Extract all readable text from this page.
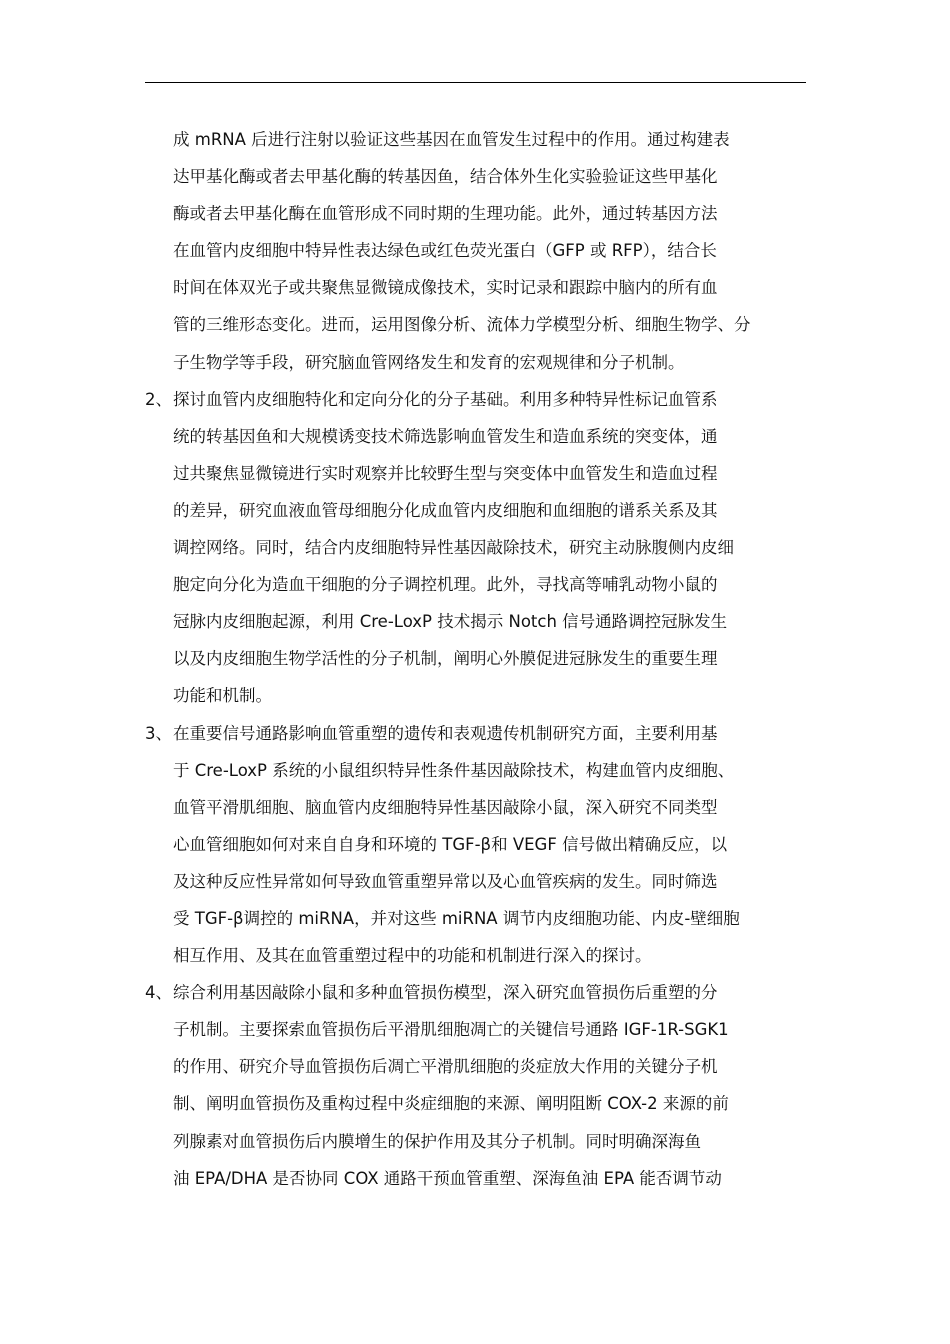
成 mRNA 后进行注射以验证这些基因在血管发生过程中的作用。通过构建表
达甲基化酶或者去甲基化酶的转基因鱼，结合体外生化实验验证这些甲基化
酶或者去甲基化酶在血管形成不同时期的生理功能。此外，通过转基因方法
在血管内皮细胞中特异性表达绿色或红色荧光蛋白（GFP 或 RFP），结合长
时间在体双光子或共聚焦显微镜成像技术，实时记录和跟踪中脑内的所有血
管的三维形态变化。进而，运用图像分析、流体力学模型分析、细胞生物学、分
子生物学等手段，研究脑血管网络发生和发育的宏观规律和分子机制。
2、探讨血管内皮细胞特化和定向分化的分子基础。利用多种特异性标记血管系
统的转基因鱼和大规模诱变技术筛选影响血管发生和造血系统的突变体，通
过共聚焦显微镜进行实时观察并比较野生型与突变体中血管发生和造血过程
的差异，研究血液血管母细胞分化成血管内皮细胞和血细胞的谱系关系及其
调控网络。同时，结合内皮细胞特异性基因敲除技术，研究主动脉腹侧内皮细
胞定向分化为造血干细胞的分子调控机理。此外，寻找高等哺乳动物小鼠的
冠脉内皮细胞起源，利用 Cre-LoxP 技术揭示 Notch 信号通路调控冠脉发生
以及内皮细胞生物学活性的分子机制，阐明心外膜促进冠脉发生的重要生理
功能和机制。
3、在重要信号通路影响血管重塑的遗传和表观遗传机制研究方面，主要利用基
于 Cre-LoxP 系统的小鼠组织特异性条件基因敲除技术，构建血管内皮细胞、
血管平滑肌细胞、脑血管内皮细胞特异性基因敲除小鼠，深入研究不同类型
心血管细胞如何对来自自身和环境的 TGF-β和 VEGF 信号做出精确反应，以
及这种反应性异常如何导致血管重塑异常以及心血管疾病的发生。同时筛选
受 TGF-β调控的 miRNA，并对这些 miRNA 调节内皮细胞功能、内皮-壁细胞
相互作用、及其在血管重塑过程中的功能和机制进行深入的探讨。
4、综合利用基因敲除小鼠和多种血管损伤模型，深入研究血管损伤后重塑的分
子机制。主要探索血管损伤后平滑肌细胞凋亡的关键信号通路 IGF-1R-SGK1
的作用、研究介导血管损伤后凋亡平滑肌细胞的炎症放大作用的关键分子机
制、阐明血管损伤及重构过程中炎症细胞的来源、阐明阻断 COX-2 来源的前
列腺素对血管损伤后内膜增生的保护作用及其分子机制。同时明确深海鱼
油 EPA/DHA 是否协同 COX 通路干预血管重塑、深海鱼油 EPA 能否调节动
